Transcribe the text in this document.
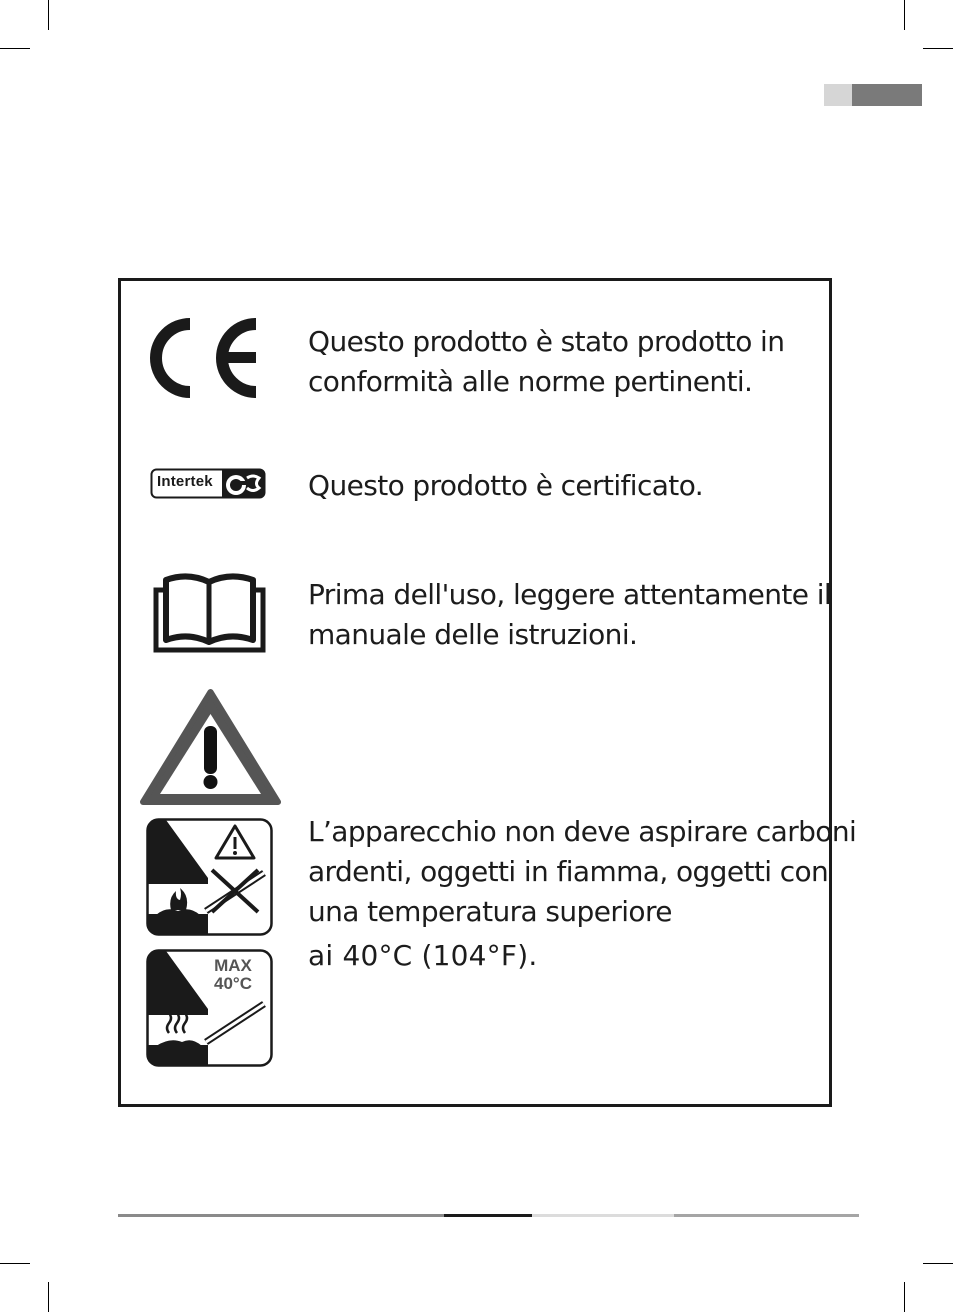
Questo prodotto è stato prodotto in
conformità alle norme pertinenti.
Intertek	Questo prodotto è certificato.
Prima dell'uso, leggere attentamente il
manuale delle istruzioni.
L’apparecchio non deve aspirare carboni
ardenti, oggetti in fiamma, oggetti con
una temperatura superiore
ai 40°C (104°F).
MAX
40°C
